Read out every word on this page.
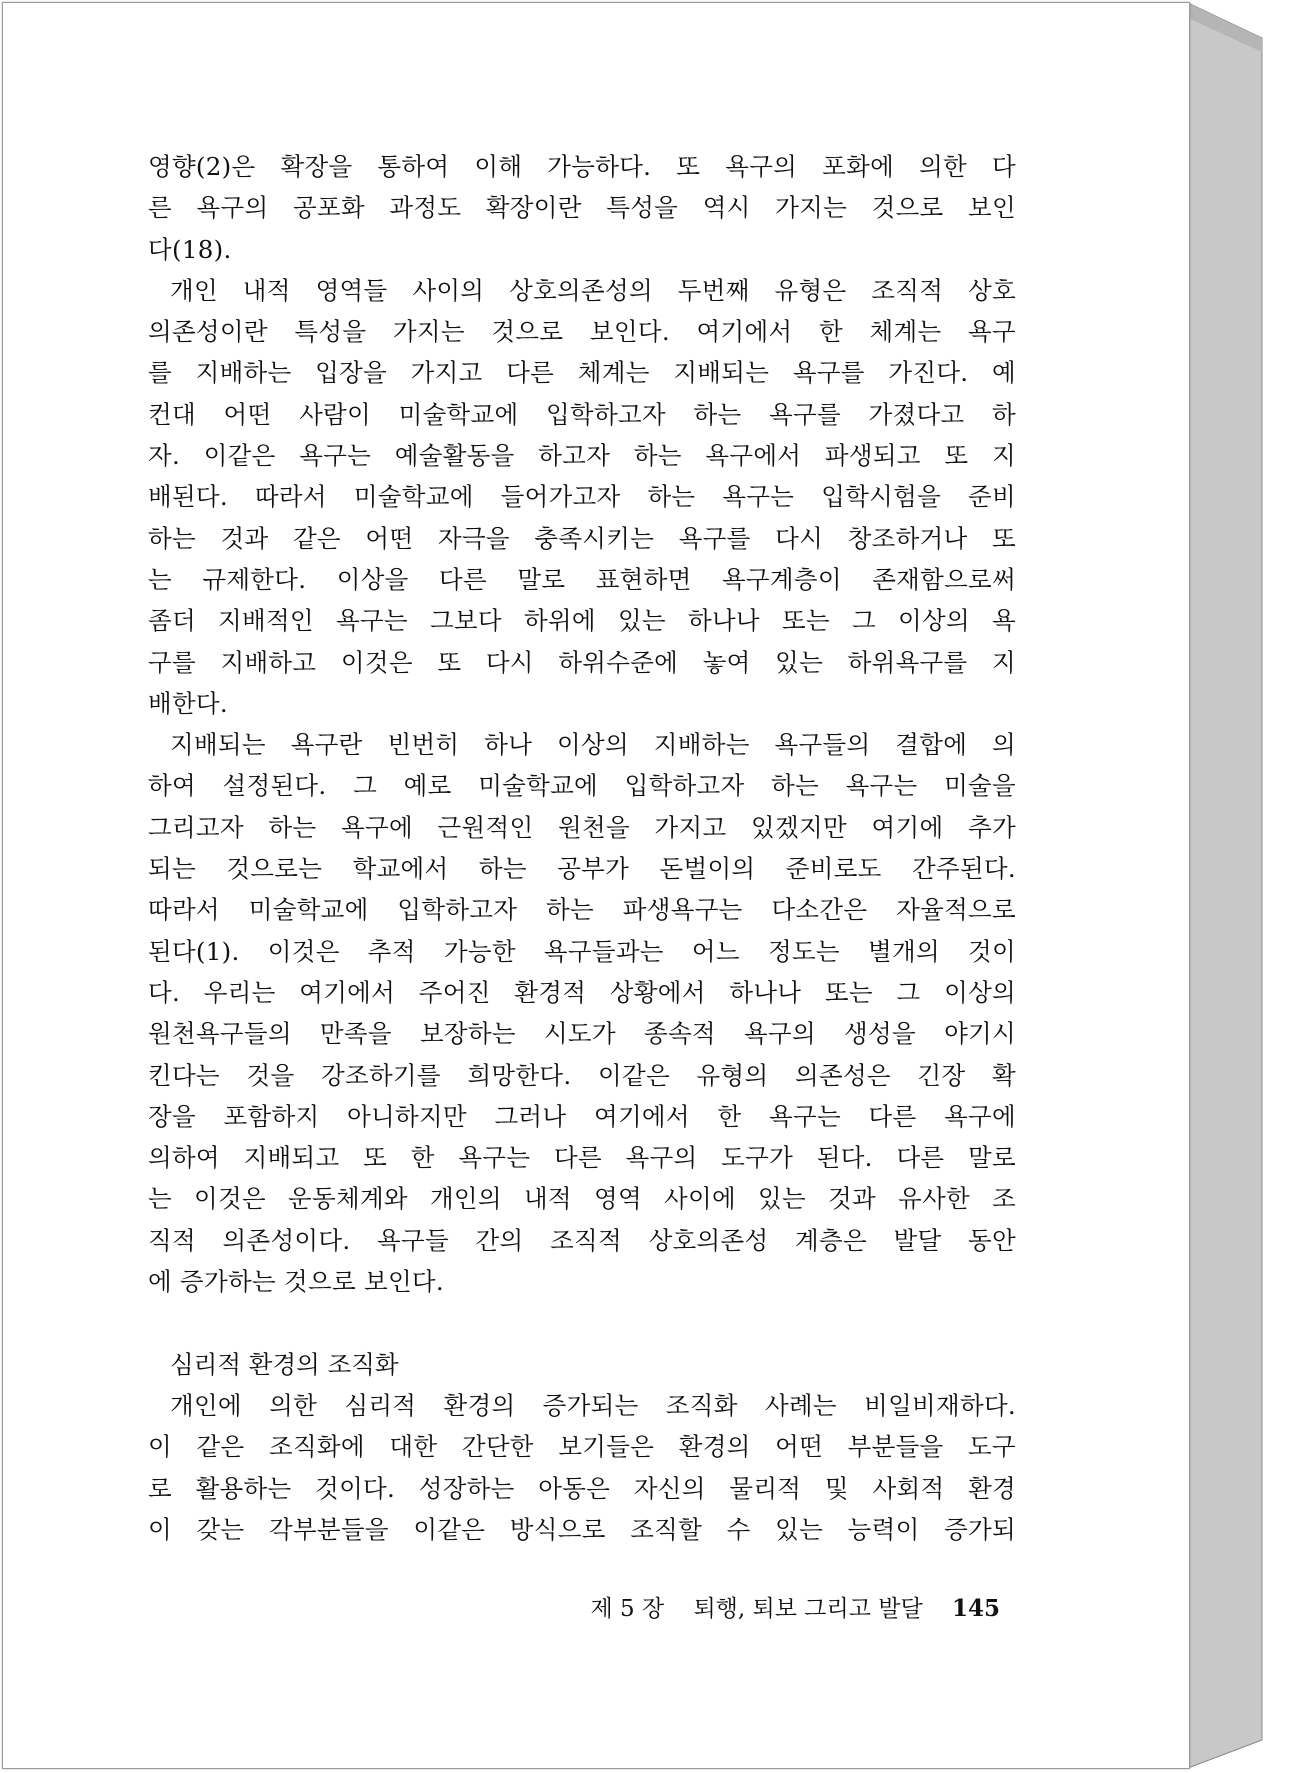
영향(2)은 확장을 통하여 이해 가능하다. 또 욕구의 포화에 의한 다
른 욕구의 공포화 과정도 확장이란 특성을 역시 가지는 것으로 보인
다(18).
개인 내적 영역들 사이의 상호의존성의 두번째 유형은 조직적 상호
의존성이란 특성을 가지는 것으로 보인다. 여기에서 한 체계는 욕구
를 지배하는 입장을 가지고 다른 체계는 지배되는 욕구를 가진다. 예
컨대 어떤 사람이 미술학교에 입학하고자 하는 욕구를 가졌다고 하
자. 이같은 욕구는 예술활동을 하고자 하는 욕구에서 파생되고 또 지
배된다. 따라서 미술학교에 들어가고자 하는 욕구는 입학시험을 준비
하는 것과 같은 어떤 자극을 충족시키는 욕구를 다시 창조하거나 또
는 규제한다. 이상을 다른 말로 표현하면 욕구계층이 존재함으로써
좀더 지배적인 욕구는 그보다 하위에 있는 하나나 또는 그 이상의 욕
구를 지배하고 이것은 또 다시 하위수준에 놓여 있는 하위욕구를 지
배한다.
지배되는 욕구란 빈번히 하나 이상의 지배하는 욕구들의 결합에 의
하여 설정된다. 그 예로 미술학교에 입학하고자 하는 욕구는 미술을
그리고자 하는 욕구에 근원적인 원천을 가지고 있겠지만 여기에 추가
되는 것으로는 학교에서 하는 공부가 돈벌이의 준비로도 간주된다.
따라서 미술학교에 입학하고자 하는 파생욕구는 다소간은 자율적으로
된다(1). 이것은 추적 가능한 욕구들과는 어느 정도는 별개의 것이
다. 우리는 여기에서 주어진 환경적 상황에서 하나나 또는 그 이상의
원천욕구들의 만족을 보장하는 시도가 종속적 욕구의 생성을 야기시
킨다는 것을 강조하기를 희망한다. 이같은 유형의 의존성은 긴장 확
장을 포함하지 아니하지만 그러나 여기에서 한 욕구는 다른 욕구에
의하여 지배되고 또 한 욕구는 다른 욕구의 도구가 된다. 다른 말로
는 이것은 운동체계와 개인의 내적 영역 사이에 있는 것과 유사한 조
직적 의존성이다. 욕구들 간의 조직적 상호의존성 계층은 발달 동안
에 증가하는 것으로 보인다.
심리적 환경의 조직화
개인에 의한 심리적 환경의 증가되는 조직화 사례는 비일비재하다.
이 같은 조직화에 대한 간단한 보기들은 환경의 어떤 부분들을 도구
로 활용하는 것이다. 성장하는 아동은 자신의 물리적 및 사회적 환경
이 갖는 각부분들을 이같은 방식으로 조직할 수 있는 능력이 증가되
제 5 장 퇴행, 퇴보 그리고 발달 145
